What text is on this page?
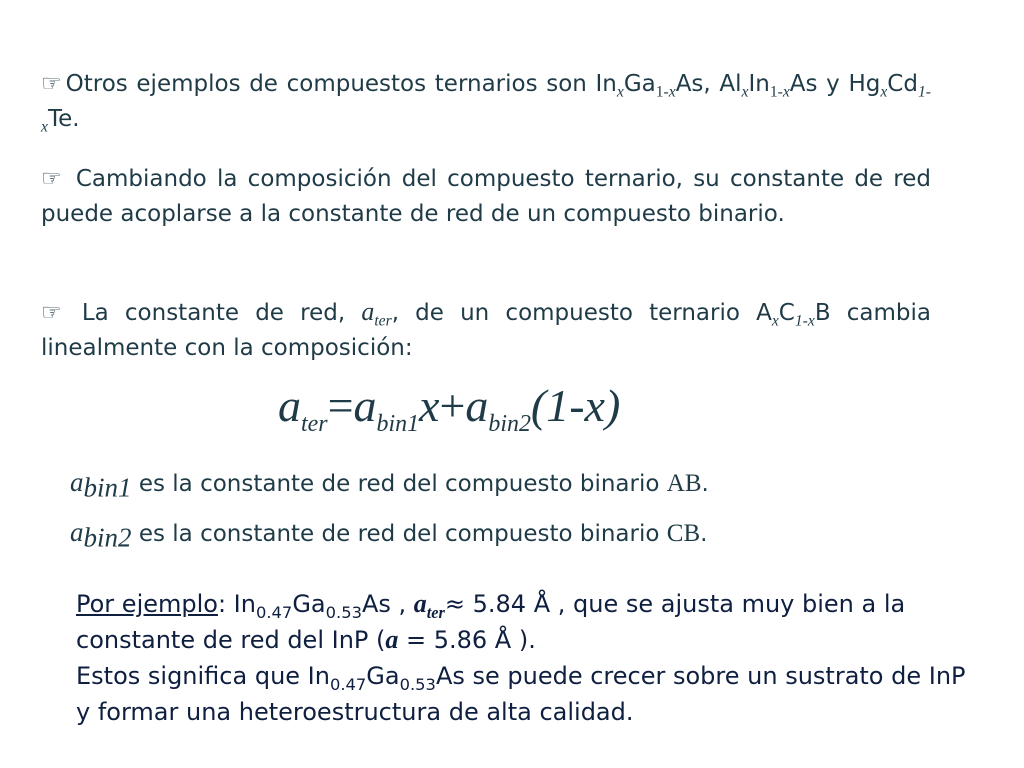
☞ Otros ejemplos de compuestos ternarios son $In_xGa_{1-x}As$, $Al_xIn_{1-x}As$ y $Hg_xCd_{1-x}Te$.
☞ Cambiando la composición del compuesto ternario, su constante de red puede acoplarse a la constante de red de un compuesto binario.
☞ La constante de red, $a_{ter}$, de un compuesto ternario $A_xC_{1-x}B$ cambia linealmente con la composición:
$a_{ter}=a_{bin1}x+a_{bin2}(1-x)$
$a_{bin1}$ es la constante de red del compuesto binario AB.
$a_{bin2}$ es la constante de red del compuesto binario CB.
Por ejemplo: $In_{0.47}Ga_{0.53}As$ , $a_{ter}\approx 5.84$ Å , que se ajusta muy bien a la constante de red del InP (a = 5.86 Å ).
Estos significa que $In_{0.47}Ga_{0.53}As$ se puede crecer sobre un sustrato de InP y formar una heteroestructura de alta calidad.
